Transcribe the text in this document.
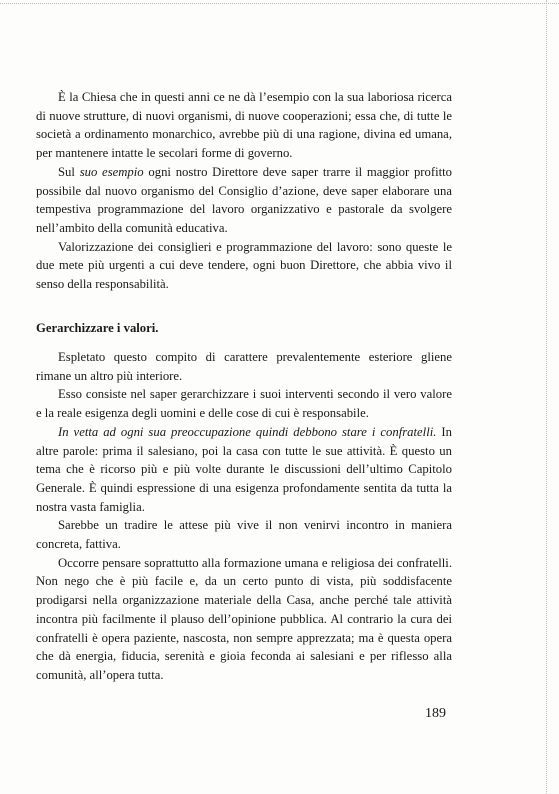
È la Chiesa che in questi anni ce ne dà l’esempio con la sua laboriosa ricerca di nuove strutture, di nuovi organismi, di nuove cooperazioni; essa che, di tutte le società a ordinamento monarchico, avrebbe più di una ragione, divina ed umana, per mantenere intatte le secolari forme di governo.

Sul suo esempio ogni nostro Direttore deve saper trarre il maggior profitto possibile dal nuovo organismo del Consiglio d’azione, deve saper elaborare una tempestiva programmazione del lavoro organizzativo e pastorale da svolgere nell’ambito della comunità educativa.

Valorizzazione dei consiglieri e programmazione del lavoro: sono queste le due mete più urgenti a cui deve tendere, ogni buon Direttore, che abbia vivo il senso della responsabilità.

Gerarchizzare i valori.

Espletato questo compito di carattere prevalentemente esteriore gliene rimane un altro più interiore.

Esso consiste nel saper gerarchizzare i suoi interventi secondo il vero valore e la reale esigenza degli uomini e delle cose di cui è responsabile.

In vetta ad ogni sua preoccupazione quindi debbono stare i confratelli. In altre parole: prima il salesiano, poi la casa con tutte le sue attività. È questo un tema che è ricorso più e più volte durante le discussioni dell’ultimo Capitolo Generale. È quindi espressione di una esigenza profondamente sentita da tutta la nostra vasta famiglia.

Sarebbe un tradire le attese più vive il non venirvi incontro in maniera concreta, fattiva.

Occorre pensare soprattutto alla formazione umana e religiosa dei confratelli. Non nego che è più facile e, da un certo punto di vista, più soddisfacente prodigarsi nella organizzazione materiale della Casa, anche perché tale attività incontra più facilmente il plauso dell’opinione pubblica. Al contrario la cura dei confratelli è opera paziente, nascosta, non sempre apprezzata; ma è questa opera che dà energia, fiducia, serenità e gioia feconda ai salesiani e per riflesso alla comunità, all’opera tutta.

189
